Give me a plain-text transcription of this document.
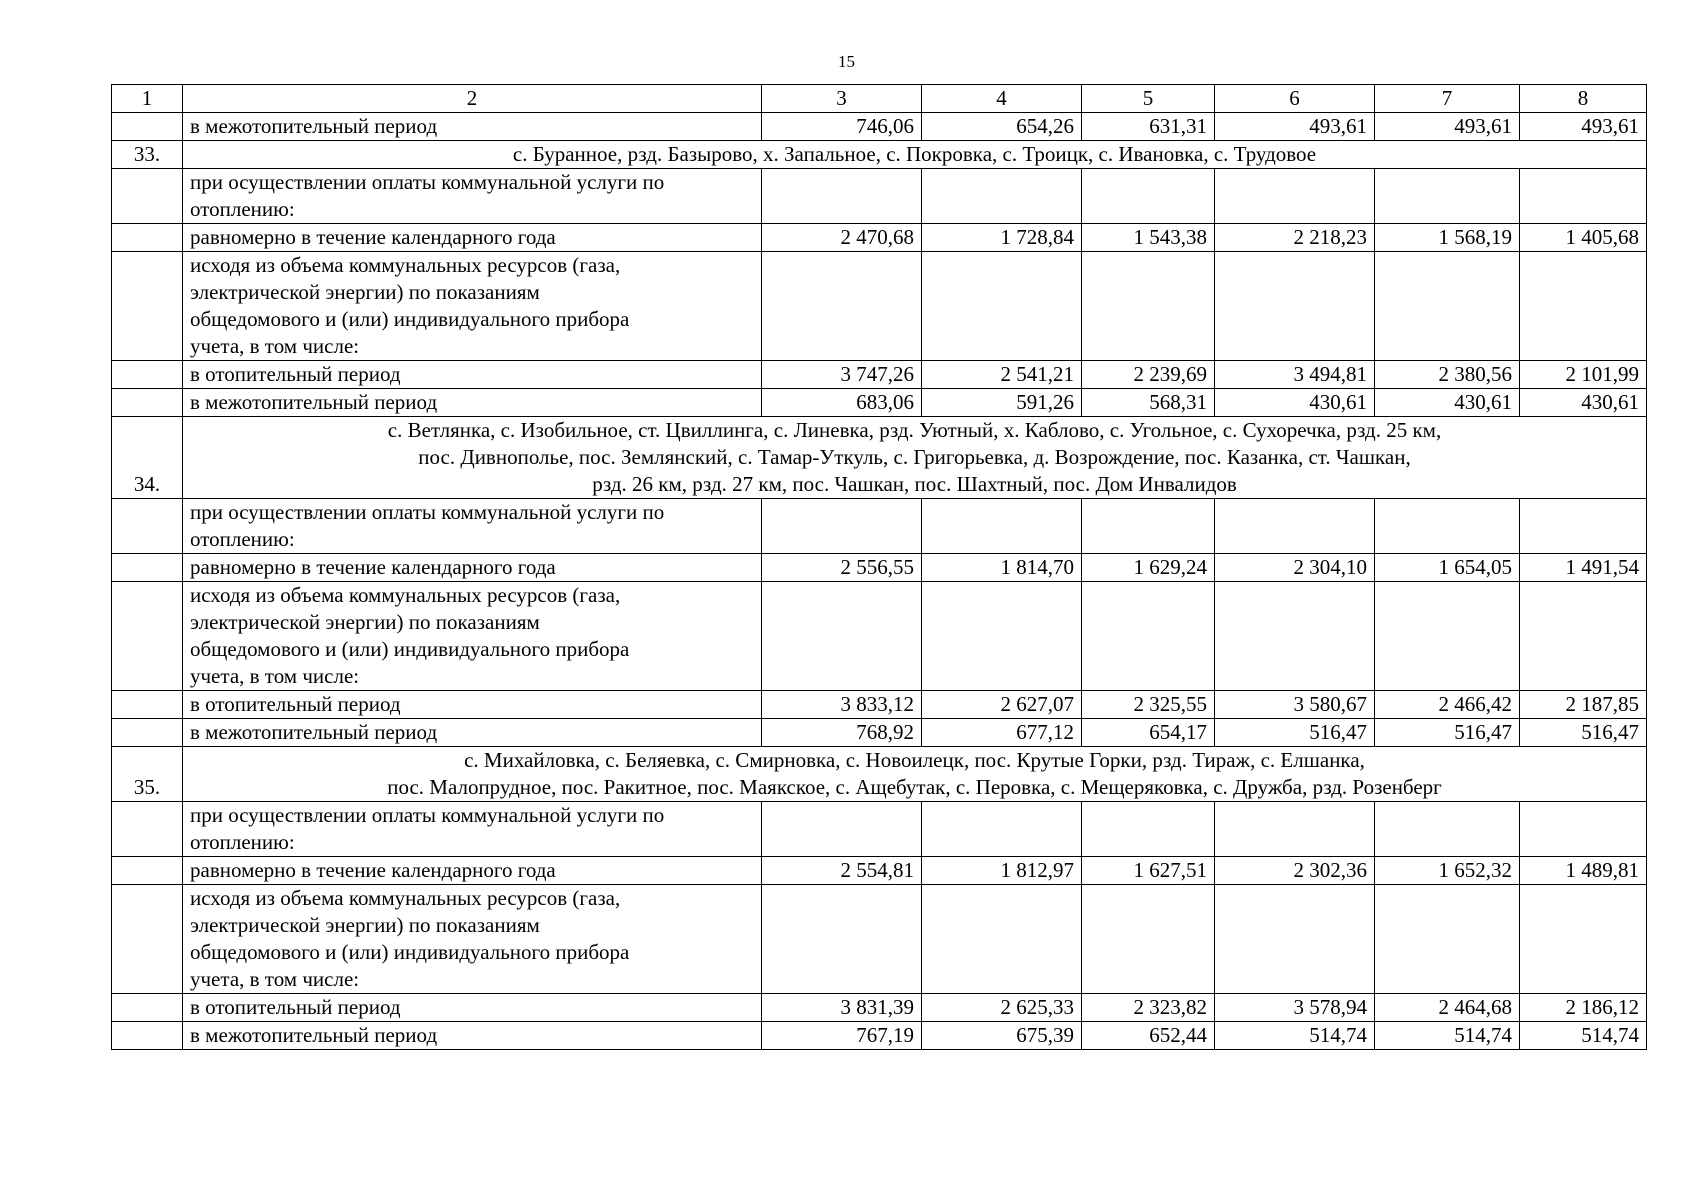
15
1	2	3	4	5	6	7	8
	в межотопительный период	746,06	654,26	631,31	493,61	493,61	493,61
33.	с. Буранное, рзд. Базырово, х. Запальное, с. Покровка, с. Троицк, с. Ивановка, с. Трудовое						

	при осуществлении оплаты коммунальной услуги по
отоплению:						

	равномерно в течение календарного года	2 470,68	1 728,84	1 543,38	2 218,23	1 568,19	1 405,68

	исходя из объема коммунальных ресурсов (газа,
электрической энергии) по показаниям
общедомового и (или) индивидуального прибора
учета, в том числе:						

	в отопительный период	3 747,26	2 541,21	2 239,69	3 494,81	2 380,56	2 101,99
	в межотопительный период	683,06	591,26	568,31	430,61	430,61	430,61
34.	с. Ветлянка, с. Изобильное, ст. Цвиллинга, с. Линевка, рзд. Уютный, х. Каблово, с. Угольное, с. Сухоречка, рзд. 25 км,
пос. Дивнополье, пос. Землянский, с. Тамар-Уткуль, с. Григорьевка, д. Возрождение, пос. Казанка, ст. Чашкан,
рзд. 26 км, рзд. 27 км, пос. Чашкан, пос. Шахтный, пос. Дом Инвалидов						

	при осуществлении оплаты коммунальной услуги по
отоплению:						

	равномерно в течение календарного года	2 556,55	1 814,70	1 629,24	2 304,10	1 654,05	1 491,54

	исходя из объема коммунальных ресурсов (газа,
электрической энергии) по показаниям
общедомового и (или) индивидуального прибора
учета, в том числе:						

	в отопительный период	3 833,12	2 627,07	2 325,55	3 580,67	2 466,42	2 187,85
	в межотопительный период	768,92	677,12	654,17	516,47	516,47	516,47
35.	с. Михайловка, с. Беляевка, с. Смирновка, с. Новоилецк, пос. Крутые Горки, рзд. Тираж, с. Елшанка,
пос. Малопрудное, пос. Ракитное, пос. Маякское, с. Ащебутак, с. Перовка, с. Мещеряковка, с. Дружба, рзд. Розенберг						

	при осуществлении оплаты коммунальной услуги по
отоплению:						

	равномерно в течение календарного года	2 554,81	1 812,97	1 627,51	2 302,36	1 652,32	1 489,81

	исходя из объема коммунальных ресурсов (газа,
электрической энергии) по показаниям
общедомового и (или) индивидуального прибора
учета, в том числе:						

	в отопительный период	3 831,39	2 625,33	2 323,82	3 578,94	2 464,68	2 186,12
	в межотопительный период	767,19	675,39	652,44	514,74	514,74	514,74
